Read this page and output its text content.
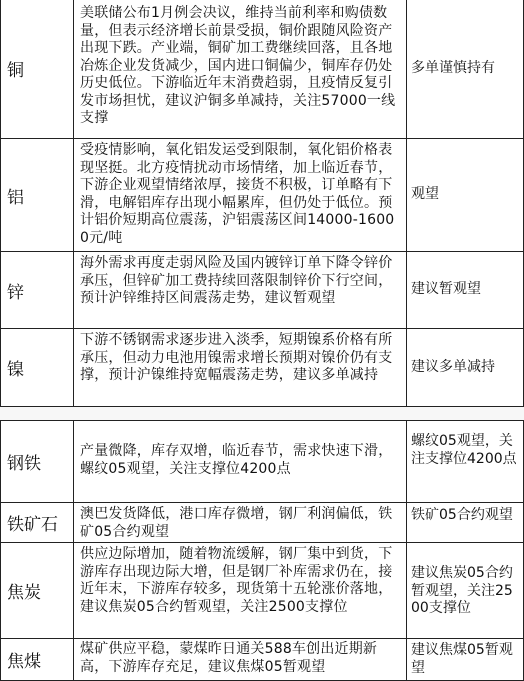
铜
美联储公布1月例会决议，维持当前利率和购债数量，但表示经济增长前景受损，铜价跟随风险资产出现下跌。产业端，铜矿加工费继续回落，且各地冶炼企业发货减少，国内进口铜偏少，铜库存仍处历史低位。下游临近年末消费趋弱，且疫情反复引发市场担忧，建议沪铜多单减持，关注57000一线支撑
多单谨慎持有
铝
受疫情影响，氧化铝发运受到限制，氧化铝价格表现坚挺。北方疫情扰动市场情绪，加上临近春节，下游企业观望情绪浓厚，接货不积极，订单略有下滑，电解铝库存出现小幅累库，但仍处于低位。预计铝价短期高位震荡，沪铝震荡区间14000-16000元/吨
观望
锌
海外需求再度走弱风险及国内镀锌订单下降令锌价承压，但锌矿加工费持续回落限制锌价下行空间，预计沪锌维持区间震荡走势，建议暂观望
建议暂观望
镍
下游不锈钢需求逐步进入淡季，短期镍系价格有所承压，但动力电池用镍需求增长预期对镍价仍有支撑，预计沪镍维持宽幅震荡走势，建议多单减持
建议多单减持
钢铁
产量微降，库存双增，临近春节，需求快速下滑，螺纹05观望，关注支撑位4200点
螺纹05观望，关注支撑位4200点
铁矿石
澳巴发货降低，港口库存微增，钢厂利润偏低，铁矿05合约观望
铁矿05合约观望
焦炭
供应边际增加，随着物流缓解，钢厂集中到货，下游库存出现边际大增，但是钢厂补库需求仍在，接近年末，下游库存较多，现货第十五轮涨价落地，建议焦炭05合约暂观望，关注2500支撑位
建议焦炭05合约暂观望，关注2500支撑位
焦煤
煤矿供应平稳，蒙煤昨日通关588车创出近期新高，下游库存充足，建议焦煤05暂观望
建议焦煤05暂观望
